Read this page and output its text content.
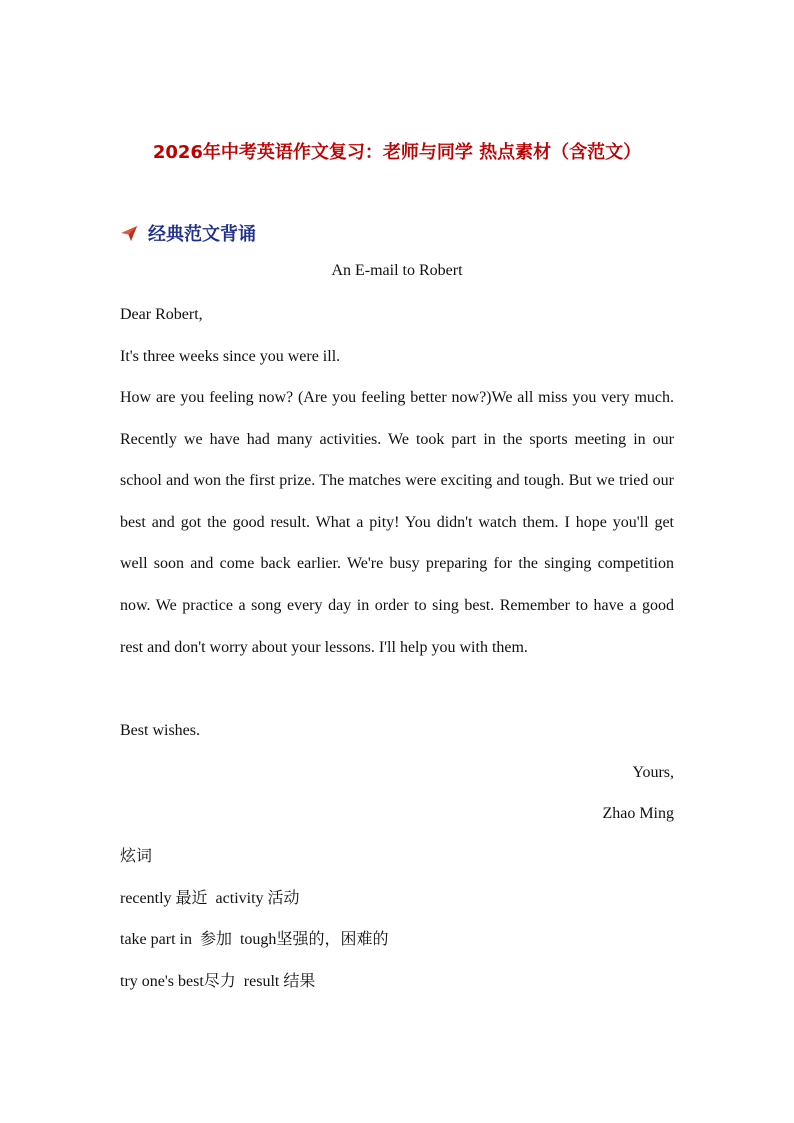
2026年中考英语作文复习：老师与同学 热点素材（含范文）
经典范文背诵
An E-mail to Robert

Dear Robert,

It's three weeks since you were ill.

How are you feeling now? (Are you feeling better now?)We all miss you very much. Recently we have had many activities. We took part in the sports meeting in our school and won the first prize. The matches were exciting and tough. But we tried our best and got the good result. What a pity! You didn't watch them. I hope you'll get well soon and come back earlier. We're busy preparing for the singing competition now. We practice a song every day in order to sing best. Remember to have a good rest and don't worry about your lessons. I'll help you with them.

Best wishes.

Yours,
Zhao Ming
炫词
recently 最近 activity 活动
take part in 参加 tough坚强的，困难的
try one's best尽力 result 结果
